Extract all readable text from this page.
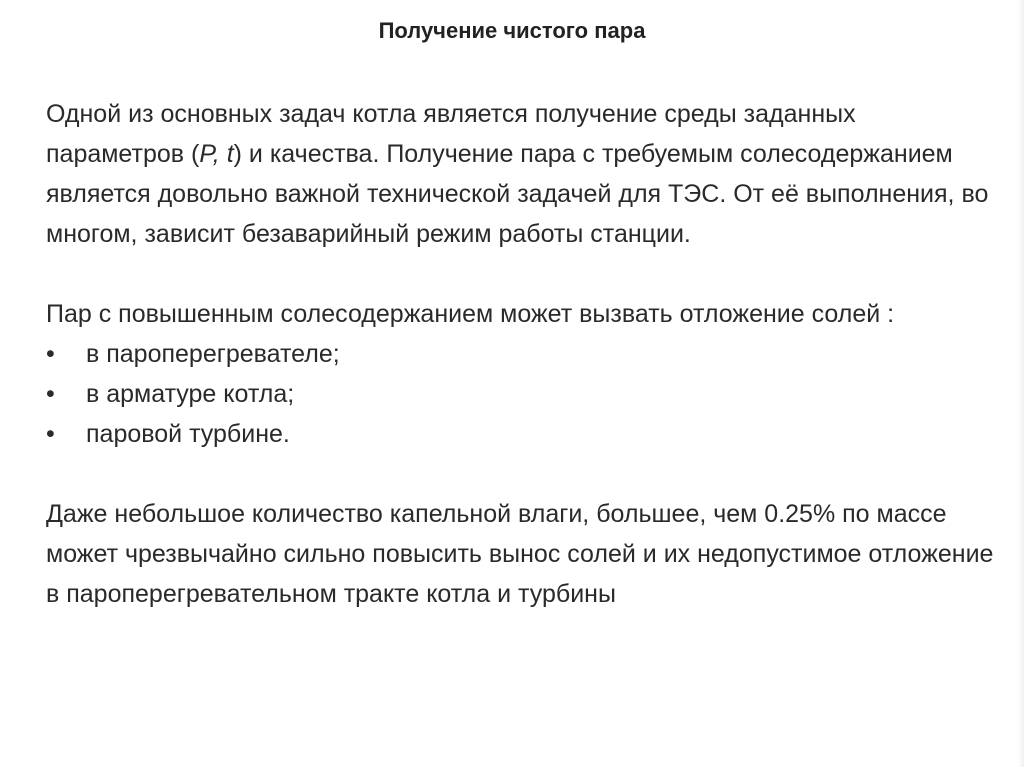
Получение чистого пара

Одной из основных задач котла является получение среды заданных параметров (P, t) и качества. Получение пара с требуемым солесодержанием является довольно важной технической задачей для ТЭС. От её выполнения, во многом, зависит безаварийный режим работы станции.

Пар с повышенным солесодержанием может вызвать отложение солей :

• в пароперегревателе;
• в арматуре котла;
• паровой турбине.

Даже небольшое количество капельной влаги, большее, чем 0.25% по массе может чрезвычайно сильно повысить вынос солей и их недопустимое отложение в пароперегревательном тракте котла и турбины
